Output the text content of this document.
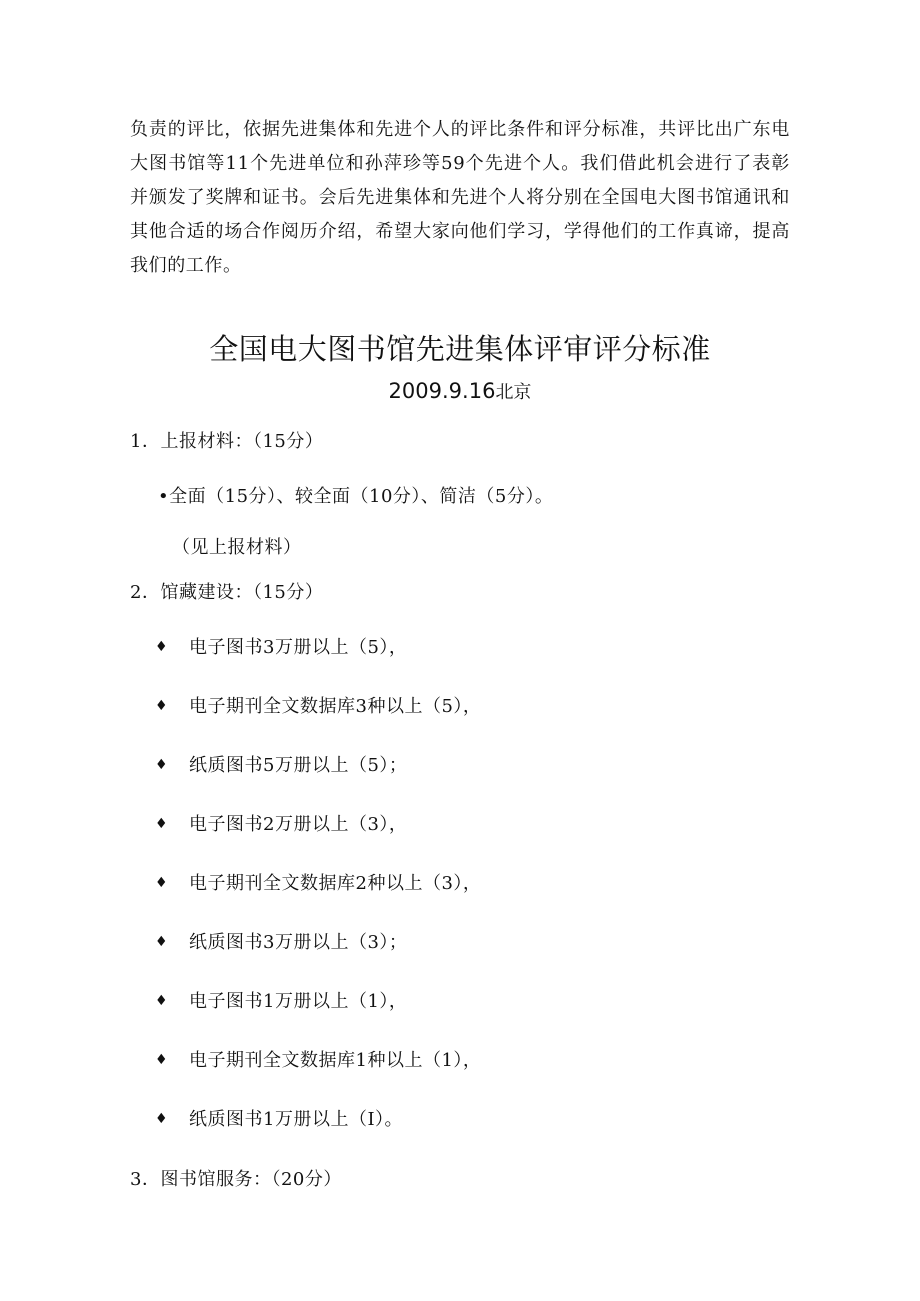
负责的评比，依据先进集体和先进个人的评比条件和评分标准，共评比出广东电大图书馆等11个先进单位和孙萍珍等59个先进个人。我们借此机会进行了表彰并颁发了奖牌和证书。会后先进集体和先进个人将分别在全国电大图书馆通讯和其他合适的场合作阅历介绍，希望大家向他们学习，学得他们的工作真谛，提高我们的工作。

全国电大图书馆先进集体评审评分标准
2009.9.16北京
1．上报材料：（15分）
•全面（15分）、较全面（10分）、简洁（5分）。
（见上报材料）
2．馆藏建设：（15分）
♦ 电子图书3万册以上（5），
♦ 电子期刊全文数据库3种以上（5），
♦ 纸质图书5万册以上（5）；
♦ 电子图书2万册以上（3），
♦ 电子期刊全文数据库2种以上（3），
♦ 纸质图书3万册以上（3）；
♦ 电子图书1万册以上（1），
♦ 电子期刊全文数据库1种以上（1），
♦ 纸质图书1万册以上（I）。
3．图书馆服务：（20分）
